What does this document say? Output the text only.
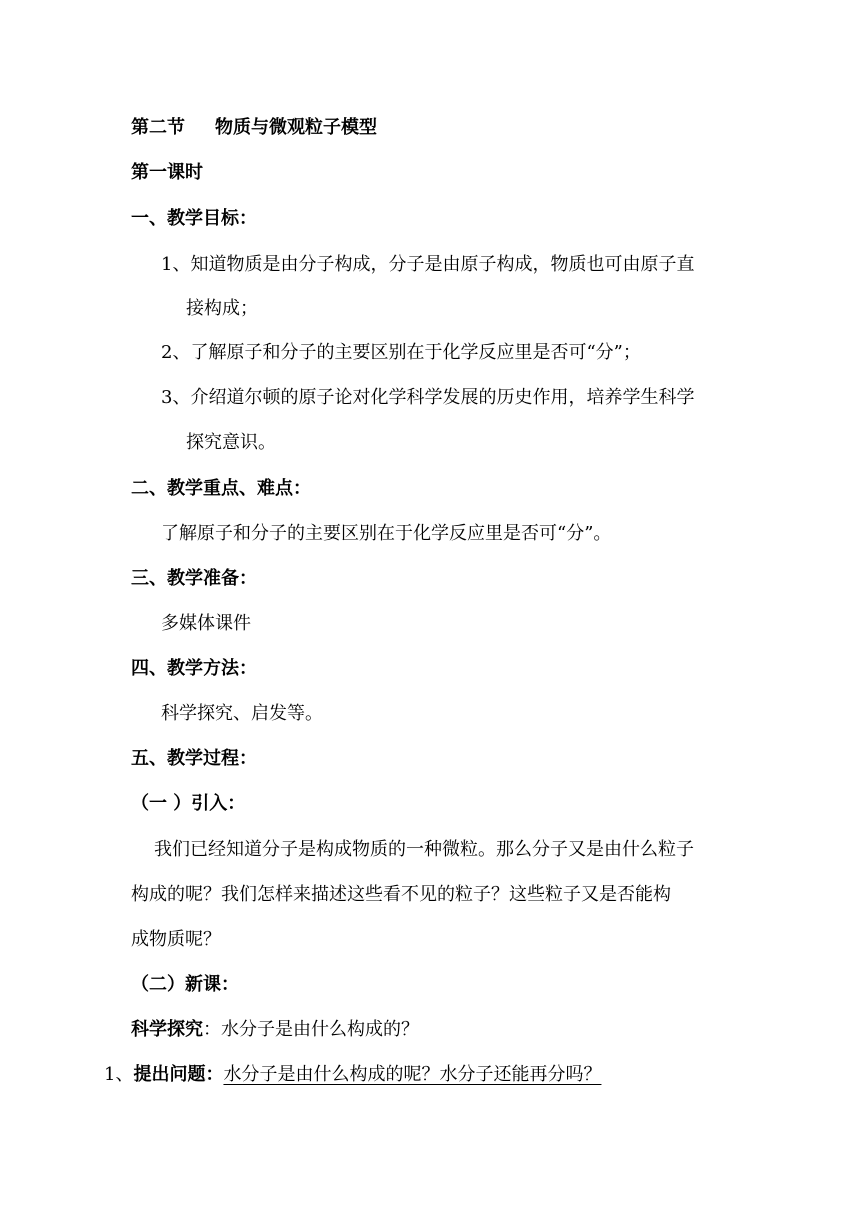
第二节 物质与微观粒子模型
第一课时
一、教学目标：
1、知道物质是由分子构成，分子是由原子构成，物质也可由原子直
接构成；
2、了解原子和分子的主要区别在于化学反应里是否可“分”；
3、介绍道尔顿的原子论对化学科学发展的历史作用，培养学生科学
探究意识。
二、教学重点、难点：
了解原子和分子的主要区别在于化学反应里是否可“分”。
三、教学准备：
多媒体课件
四、教学方法：
科学探究、启发等。
五、教学过程：
（一 ）引入：
我们已经知道分子是构成物质的一种微粒。那么分子又是由什么粒子
构成的呢？我们怎样来描述这些看不见的粒子？这些粒子又是否能构
成物质呢？
（二）新课：
科学探究：水分子是由什么构成的？
1、提出问题：水分子是由什么构成的呢？水分子还能再分吗？
